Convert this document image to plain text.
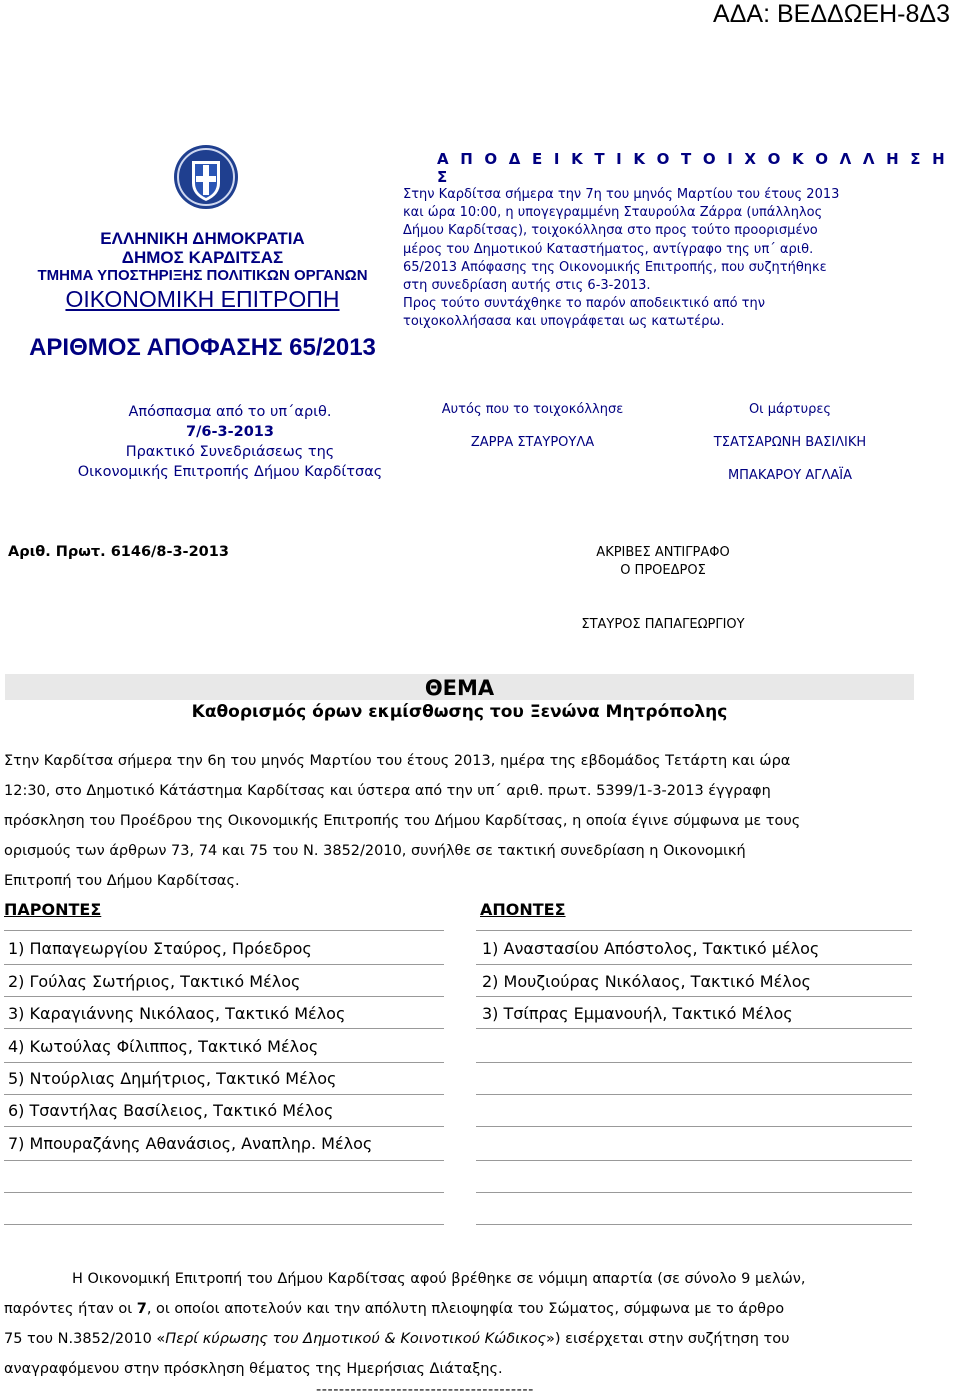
ΑΔΑ: ΒΕΔΔΩΕΗ-8Δ3
ΕΛΛΗΝΙΚΗ ΔΗΜΟΚΡΑΤΙΑ
ΔΗΜΟΣ ΚΑΡΔΙΤΣΑΣ
ΤΜΗΜΑ ΥΠΟΣΤΗΡΙΞΗΣ ΠΟΛΙΤΙΚΩΝ ΟΡΓΑΝΩΝ
ΟΙΚΟΝΟΜΙΚΗ ΕΠΙΤΡΟΠΗ
ΑΡΙΘΜΟΣ ΑΠΟΦΑΣΗΣ 65/2013
Α Π Ο Δ Ε Ι Κ Τ Ι Κ Ο Τ Ο Ι Χ Ο Κ Ο Λ Λ Η Σ Η Σ
Στην Καρδίτσα σήμερα την 7η του μηνός Μαρτίου του έτους 2013
και ώρα 10:00, η υπογεγραμμένη Σταυρούλα Ζάρρα (υπάλληλος
Δήμου Καρδίτσας), τοιχοκόλλησα στο προς τούτο προορισμένο
μέρος του Δημοτικού Καταστήματος, αντίγραφο της υπ΄ αριθ.
65/2013 Απόφασης της Οικονομικής Επιτροπής, που συζητήθηκε
στη συνεδρίαση αυτής στις 6-3-2013.
Προς τούτο συντάχθηκε το παρόν αποδεικτικό από την
τοιχοκολλήσασα και υπογράφεται ως κατωτέρω.
Απόσπασμα από το υπ΄αριθ.
7/6-3-2013
Πρακτικό Συνεδριάσεως της
Οικονομικής Επιτροπής Δήμου Καρδίτσας
Αυτός που το τοιχοκόλλησε
ΖΑΡΡΑ ΣΤΑΥΡΟΥΛΑ
Οι μάρτυρες
ΤΣΑΤΣΑΡΩΝΗ ΒΑΣΙΛΙΚΗ
ΜΠΑΚΑΡΟΥ ΑΓΛΑΪΑ
Αριθ. Πρωτ. 6146/8-3-2013	ΑΚΡΙΒΕΣ ΑΝΤΙΓΡΑΦΟ
Ο ΠΡΟΕΔΡΟΣ
ΣΤΑΥΡΟΣ ΠΑΠΑΓΕΩΡΓΙΟΥ
ΘΕΜΑ
Καθορισμός όρων εκμίσθωσης του Ξενώνα Μητρόπολης
Στην Καρδίτσα σήμερα την 6η του μηνός Μαρτίου του έτους 2013, ημέρα της εβδομάδος Τετάρτη και ώρα
12:30, στο Δημοτικό Κάτάστημα Καρδίτσας και ύστερα από την υπ΄ αριθ. πρωτ. 5399/1-3-2013 έγγραφη
πρόσκληση του Προέδρου της Οικονομικής Επιτροπής του Δήμου Καρδίτσας, η οποία έγινε σύμφωνα με τους
ορισμούς των άρθρων 73, 74 και 75 του Ν. 3852/2010, συνήλθε σε τακτική συνεδρίαση η Οικονομική
Επιτροπή του Δήμου Καρδίτσας.
ΠΑΡΟΝΤΕΣ	ΑΠΟΝΤΕΣ
1) Παπαγεωργίου Σταύρος, Πρόεδρος
2) Γούλας Σωτήριος, Τακτικό Μέλος
3) Καραγιάννης Νικόλαος, Τακτικό Μέλος
4) Κωτούλας Φίλιππος, Τακτικό Μέλος
5) Ντούρλιας Δημήτριος, Τακτικό Μέλος
6) Τσαντήλας Βασίλειος, Τακτικό Μέλος
7) Μπουραζάνης Αθανάσιος, Αναπληρ. Μέλος
1) Αναστασίου Απόστολος, Τακτικό μέλος
2) Μουζιούρας Νικόλαος, Τακτικό Μέλος
3) Τσίπρας Εμμανουήλ, Τακτικό Μέλος
Η Οικονομική Επιτροπή του Δήμου Καρδίτσας αφού βρέθηκε σε νόμιμη απαρτία (σε σύνολο 9 μελών,
παρόντες ήταν οι 7, οι οποίοι αποτελούν και την απόλυτη πλειοψηφία του Σώματος, σύμφωνα με το άρθρο
75 του Ν.3852/2010 «Περί κύρωσης του Δημοτικού & Κοινοτικού Κώδικος») εισέρχεται στην συζήτηση του
αναγραφόμενου στην πρόσκληση θέματος της Ημερήσιας Διάταξης.
--------------------------------------
